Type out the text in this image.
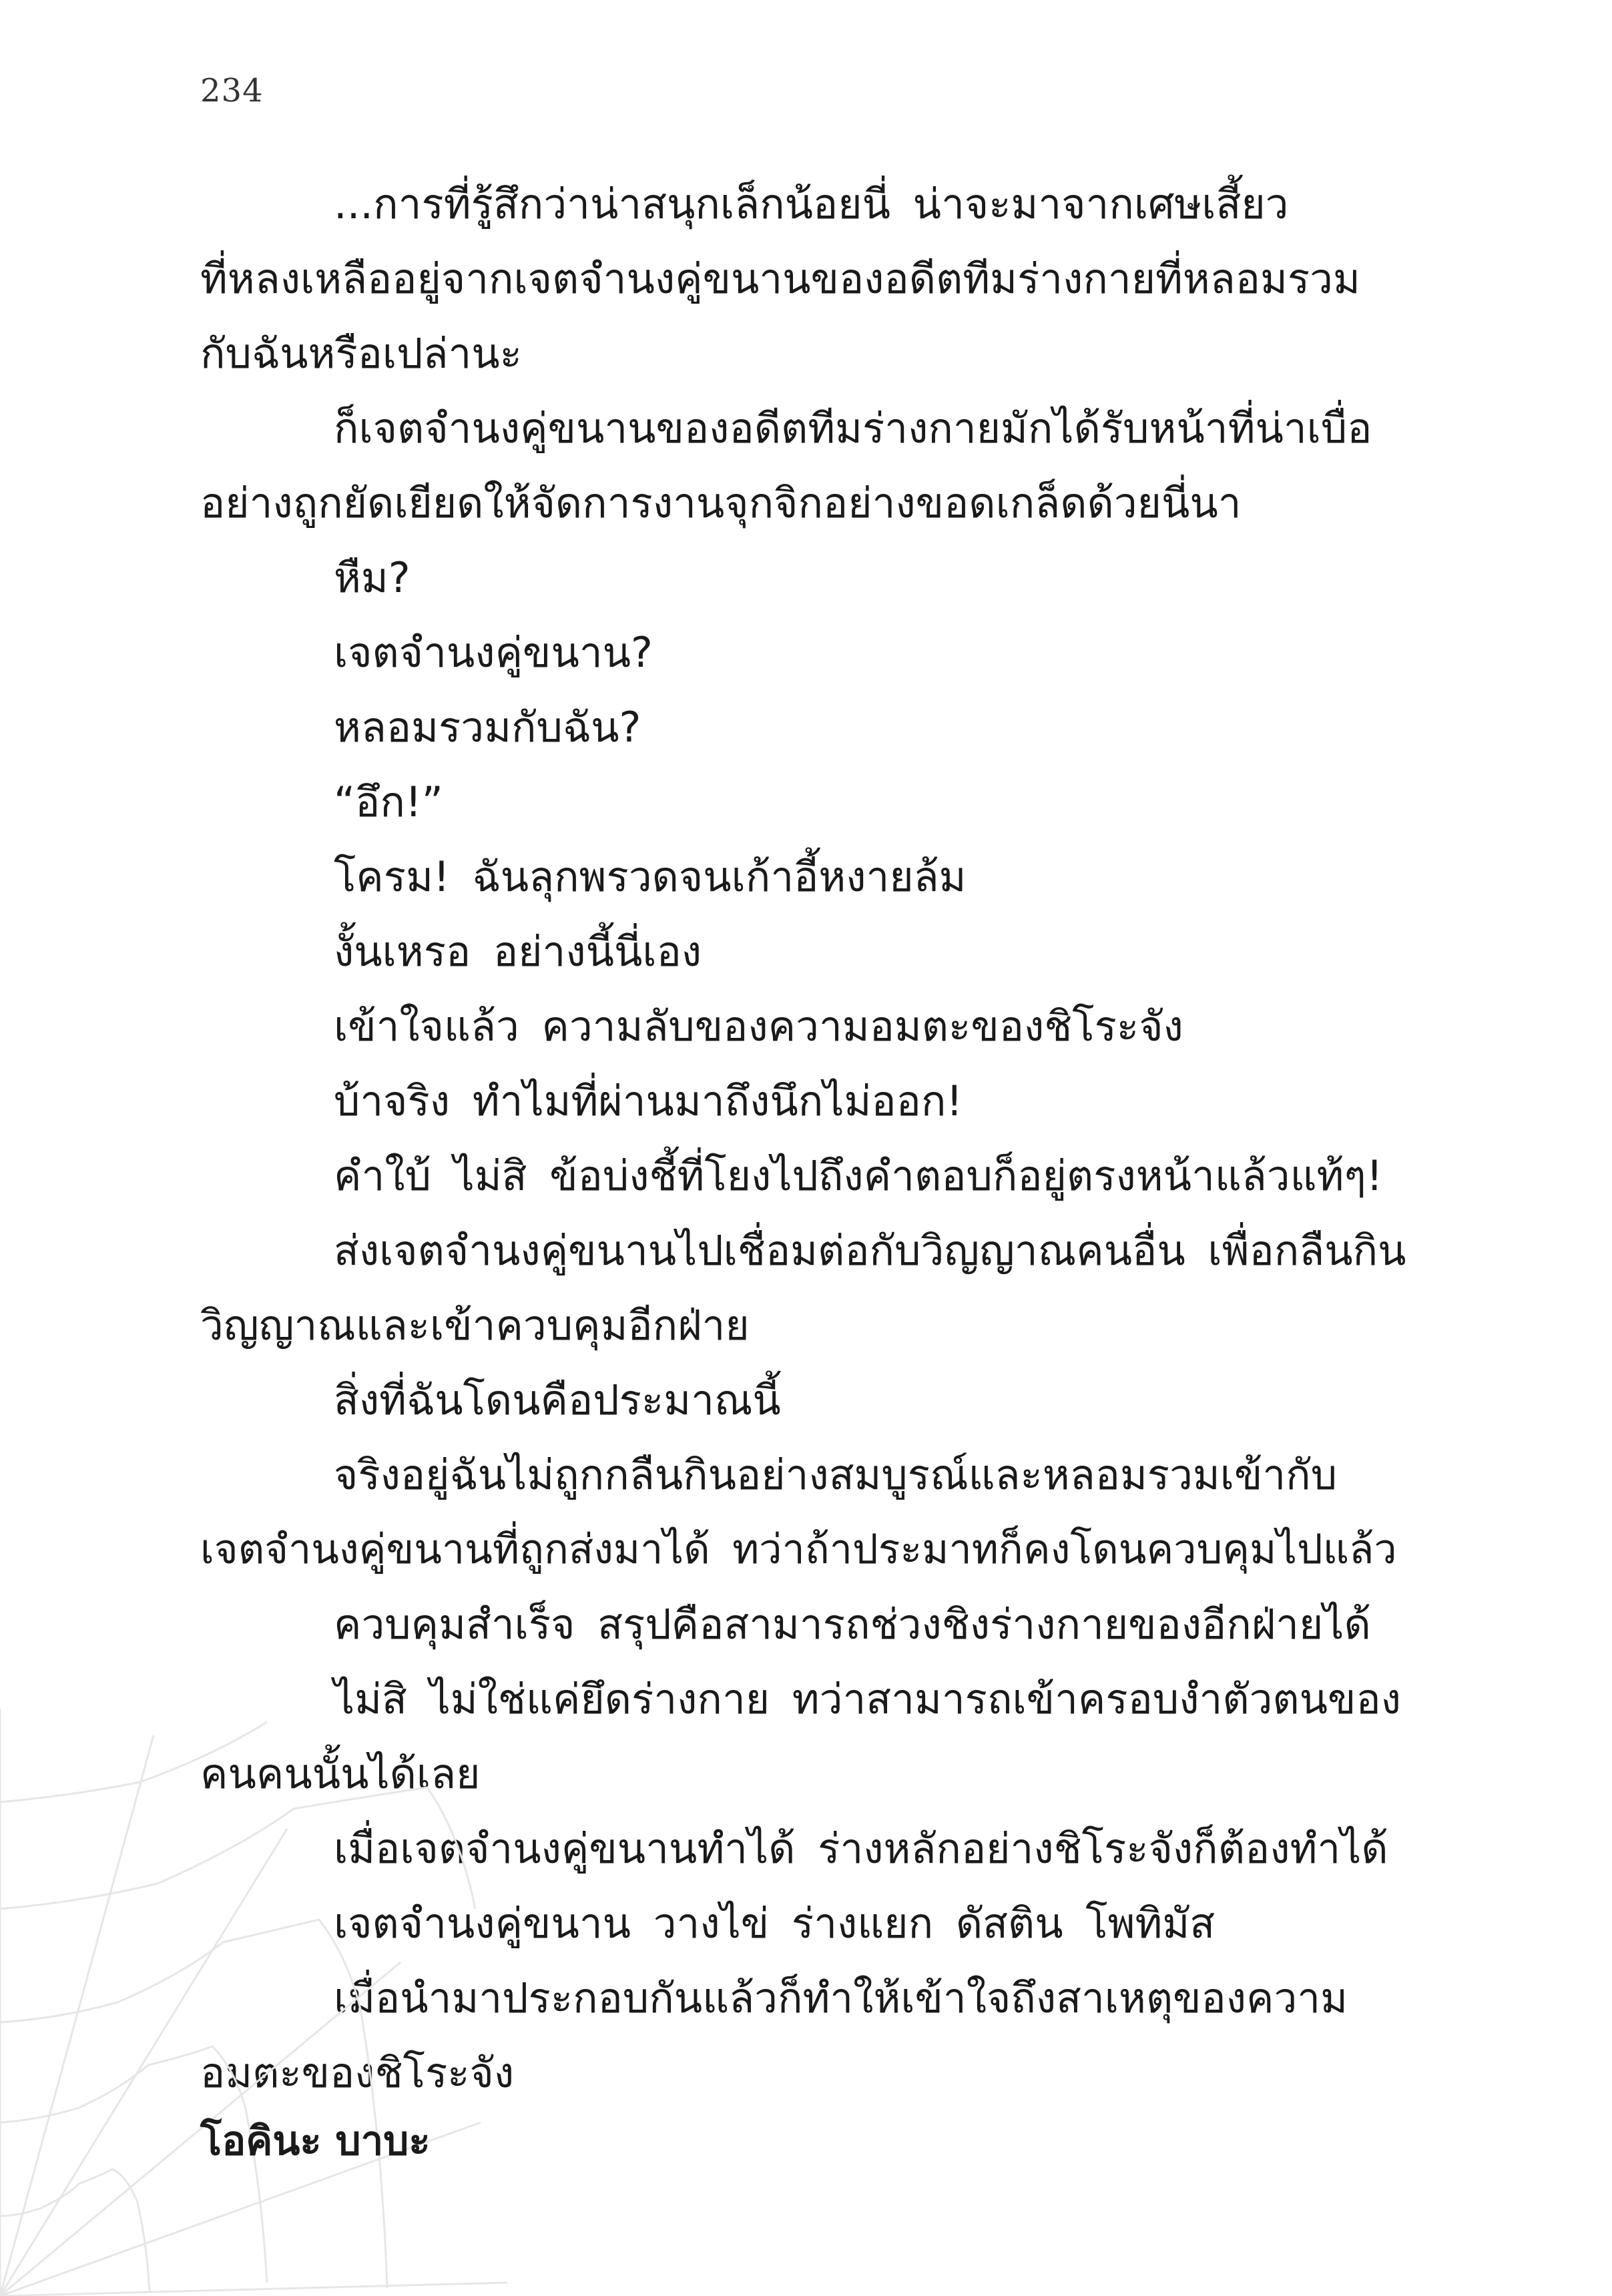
234

...การที่รู้สึกว่าน่าสนุกเล็กน้อยนี่ น่าจะมาจากเศษเสี้ยว

ที่หลงเหลืออยู่จากเจตจำนงคู่ขนานของอดีตทีมร่างกายที่หลอมรวม

กับฉันหรือเปล่านะ

ก็เจตจำนงคู่ขนานของอดีตทีมร่างกายมักได้รับหน้าที่น่าเบื่อ

อย่างถูกยัดเยียดให้จัดการงานจุกจิกอย่างขอดเกล็ดด้วยนี่นา

หืม?

เจตจำนงคู่ขนาน?

หลอมรวมกับฉัน?

“อึก!”

โครม! ฉันลุกพรวดจนเก้าอี้หงายล้ม

งั้นเหรอ อย่างนี้นี่เอง

เข้าใจแล้ว ความลับของความอมตะของชิโระจัง

บ้าจริง ทำไมที่ผ่านมาถึงนึกไม่ออก!

คำใบ้ ไม่สิ ข้อบ่งชี้ที่โยงไปถึงคำตอบก็อยู่ตรงหน้าแล้วแท้ๆ!

ส่งเจตจำนงคู่ขนานไปเชื่อมต่อกับวิญญาณคนอื่น เพื่อกลืนกิน

วิญญาณและเข้าควบคุมอีกฝ่าย

สิ่งที่ฉันโดนคือประมาณนี้

จริงอยู่ฉันไม่ถูกกลืนกินอย่างสมบูรณ์และหลอมรวมเข้ากับ

เจตจำนงคู่ขนานที่ถูกส่งมาได้ ทว่าถ้าประมาทก็คงโดนควบคุมไปแล้ว

ควบคุมสำเร็จ สรุปคือสามารถช่วงชิงร่างกายของอีกฝ่ายได้

ไม่สิ ไม่ใช่แค่ยึดร่างกาย ทว่าสามารถเข้าครอบงำตัวตนของ

คนคนนั้นได้เลย

เมื่อเจตจำนงคู่ขนานทำได้ ร่างหลักอย่างชิโระจังก็ต้องทำได้

เจตจำนงคู่ขนาน วางไข่ ร่างแยก ดัสติน โพทิมัส

เมื่อนำมาประกอบกันแล้วก็ทำให้เข้าใจถึงสาเหตุของความ

อมตะของชิโระจัง

โอคินะ บาบะ
